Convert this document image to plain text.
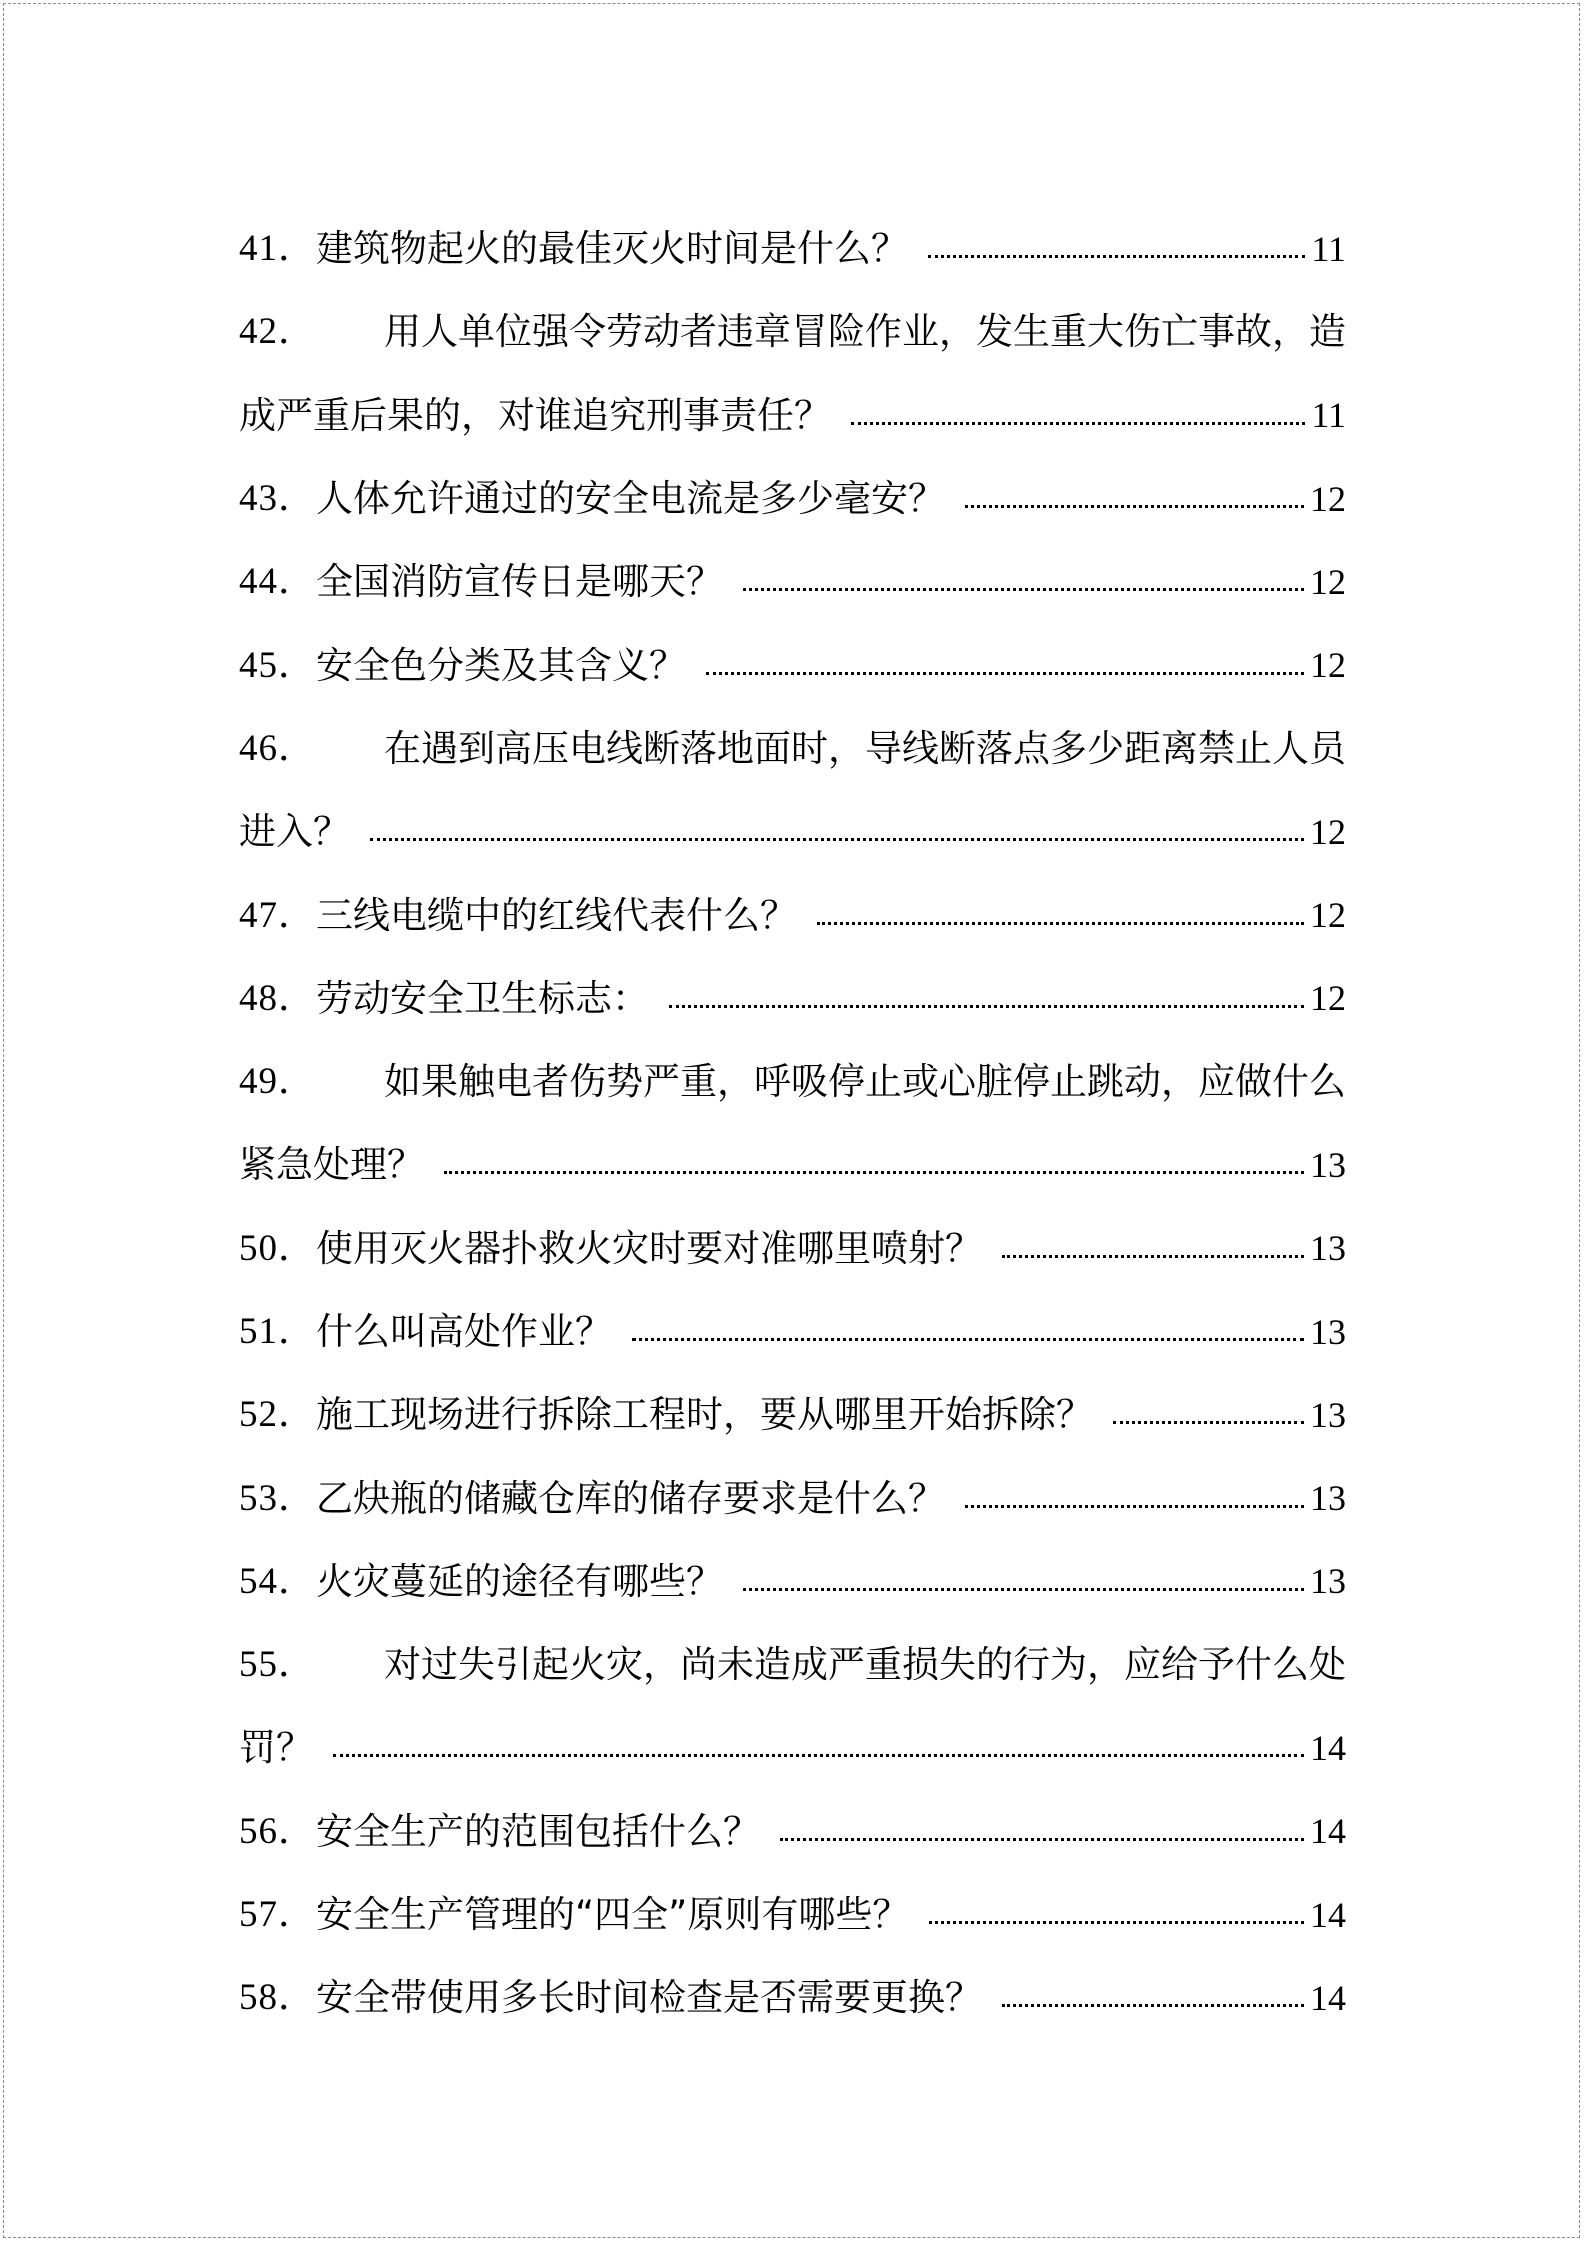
41． 建筑物起火的最佳灭火时间是什么？	11
42． 用人单位强令劳动者违章冒险作业，发生重大伤亡事故，造
成严重后果的，对谁追究刑事责任？	11
43． 人体允许通过的安全电流是多少毫安？	12
44． 全国消防宣传日是哪天？	12
45． 安全色分类及其含义？	12
46． 在遇到高压电线断落地面时，导线断落点多少距离禁止人员
进入？	12
47． 三线电缆中的红线代表什么？	12
48． 劳动安全卫生标志：	12
49． 如果触电者伤势严重，呼吸停止或心脏停止跳动，应做什么
紧急处理？	13
50． 使用灭火器扑救火灾时要对准哪里喷射？	13
51． 什么叫高处作业？	13
52． 施工现场进行拆除工程时，要从哪里开始拆除？	13
53． 乙炔瓶的储藏仓库的储存要求是什么？	13
54． 火灾蔓延的途径有哪些？	13
55． 对过失引起火灾，尚未造成严重损失的行为，应给予什么处
罚？	14
56． 安全生产的范围包括什么？	14
57． 安全生产管理的“四全”原则有哪些？	14
58． 安全带使用多长时间检查是否需要更换？	14
